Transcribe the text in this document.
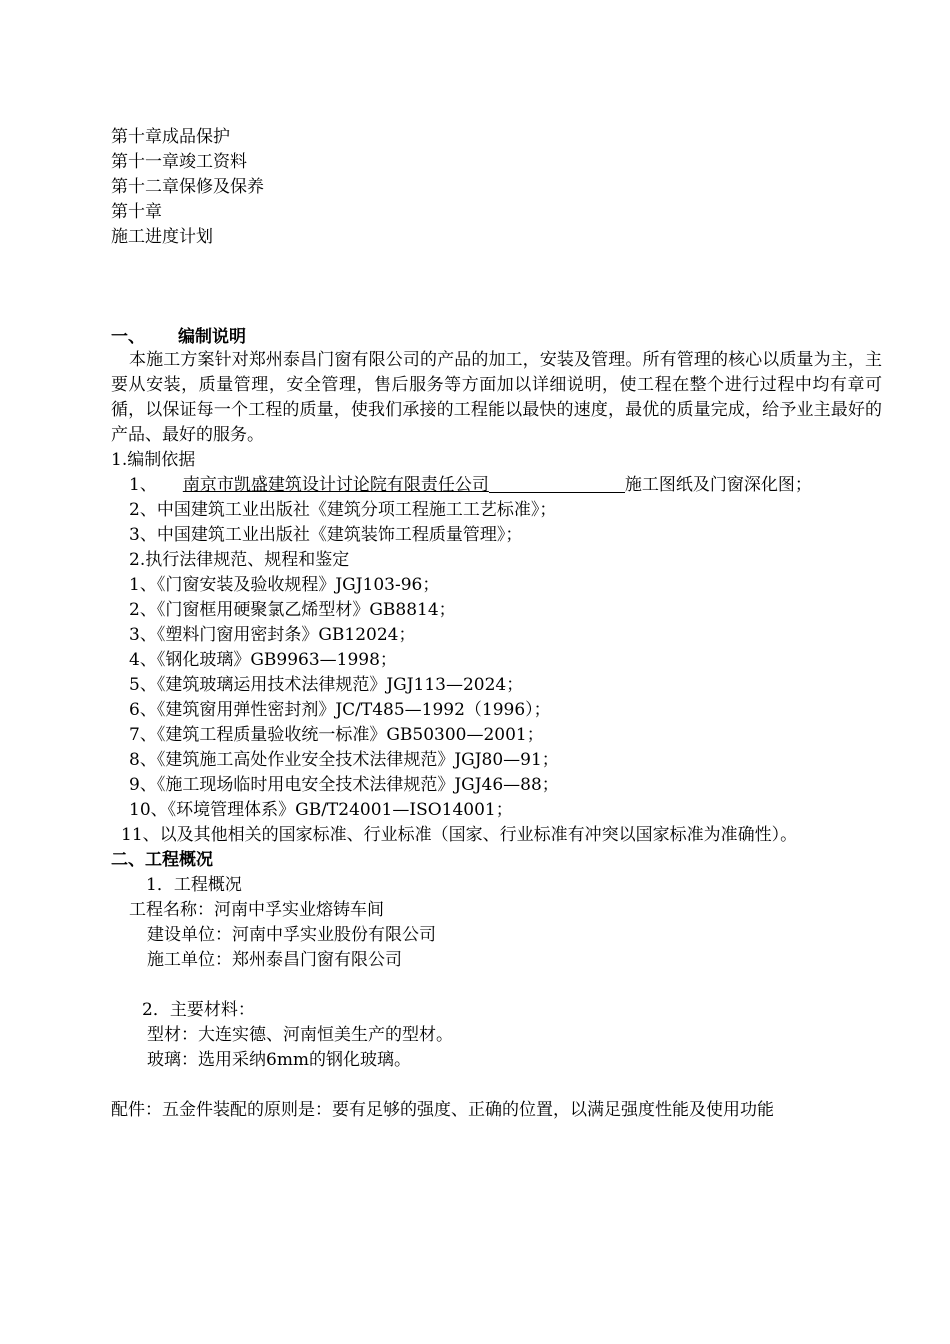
第十章成品保护
第十一章竣工资料
第十二章保修及保养
第十章
施工进度计划
一、 编制说明
本施工方案针对郑州泰昌门窗有限公司的产品的加工，安装及管理。所有管理的核心以质量为主，主要从安装，质量管理，安全管理，售后服务等方面加以详细说明，使工程在整个进行过程中均有章可循，以保证每一个工程的质量，使我们承接的工程能以最快的速度，最优的质量完成，给予业主最好的产品、最好的服务。
1.编制依据
1、 南京市凯盛建筑设计讨论院有限责任公司	施工图纸及门窗深化图；
2、中国建筑工业出版社《建筑分项工程施工工艺标准》；
3、中国建筑工业出版社《建筑装饰工程质量管理》；
2.执行法律规范、规程和鉴定
1、《门窗安装及验收规程》JGJ103-96；
2、《门窗框用硬聚氯乙烯型材》GB8814；
3、《塑料门窗用密封条》GB12024；
4、《钢化玻璃》GB9963—1998；
5、《建筑玻璃运用技术法律规范》JGJ113—2024；
6、《建筑窗用弹性密封剂》JC/T485—1992（1996）；
7、《建筑工程质量验收统一标准》GB50300—2001；
8、《建筑施工高处作业安全技术法律规范》JGJ80—91；
9、《施工现场临时用电安全技术法律规范》JGJ46—88；
10、《环境管理体系》GB/T24001—ISO14001；
11、以及其他相关的国家标准、行业标准（国家、行业标准有冲突以国家标准为准确性）。
二、工程概况
1．工程概况
工程名称：河南中孚实业熔铸车间
建设单位：河南中孚实业股份有限公司
施工单位：郑州泰昌门窗有限公司
2．主要材料：
型材：大连实德、河南恒美生产的型材。
玻璃：选用采纳6mm的钢化玻璃。
配件：五金件装配的原则是：要有足够的强度、正确的位置，以满足强度性能及使用功能
